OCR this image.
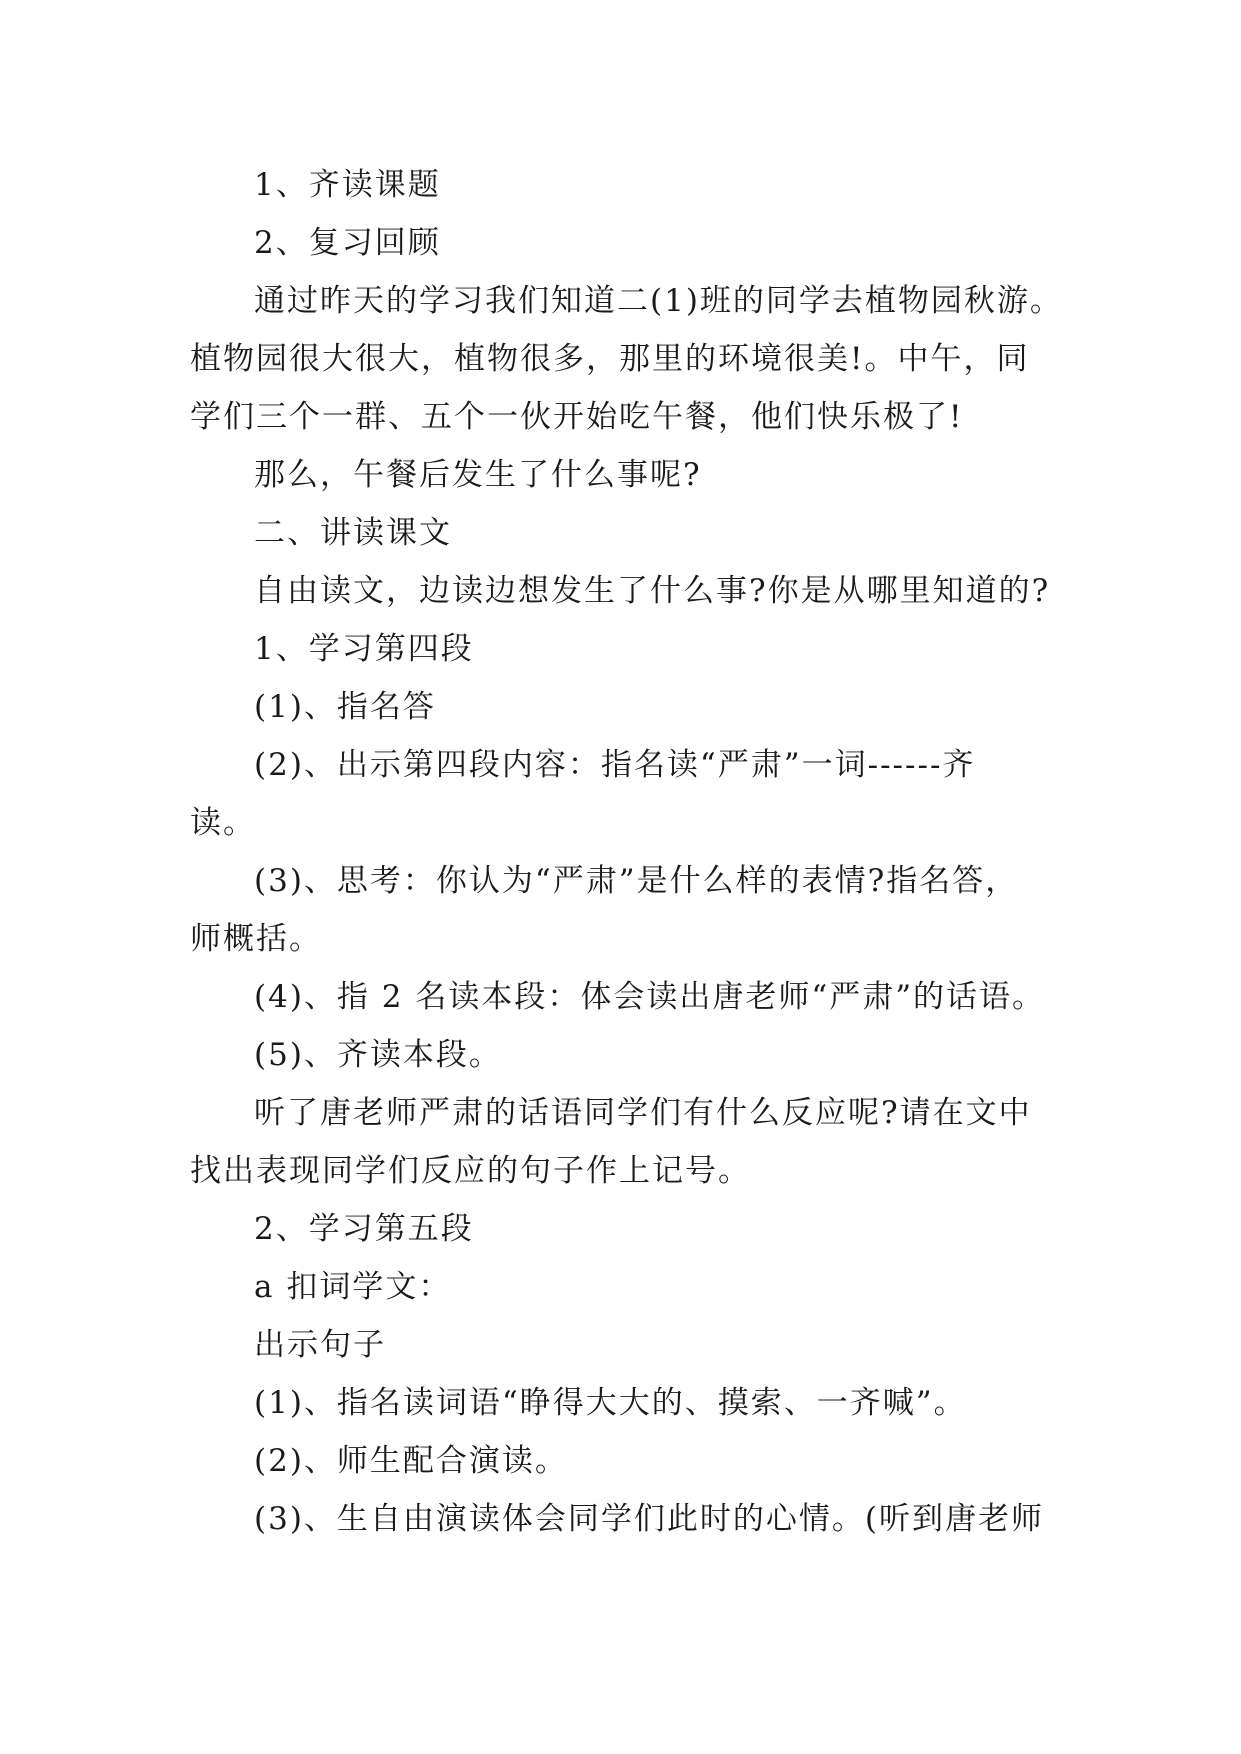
1、齐读课题
2、复习回顾
通过昨天的学习我们知道二(1)班的同学去植物园秋游。
植物园很大很大，植物很多，那里的环境很美!。中午，同
学们三个一群、五个一伙开始吃午餐，他们快乐极了!
那么，午餐后发生了什么事呢?
二、讲读课文
自由读文，边读边想发生了什么事?你是从哪里知道的?
1、学习第四段
(1)、指名答
(2)、出示第四段内容：指名读“严肃”一词------齐
读。
(3)、思考：你认为“严肃”是什么样的表情?指名答，
师概括。
(4)、指 2 名读本段：体会读出唐老师“严肃”的话语。
(5)、齐读本段。
听了唐老师严肃的话语同学们有什么反应呢?请在文中
找出表现同学们反应的句子作上记号。
2、学习第五段
a 扣词学文：
出示句子
(1)、指名读词语“睁得大大的、摸索、一齐喊”。
(2)、师生配合演读。
(3)、生自由演读体会同学们此时的心情。(听到唐老师
